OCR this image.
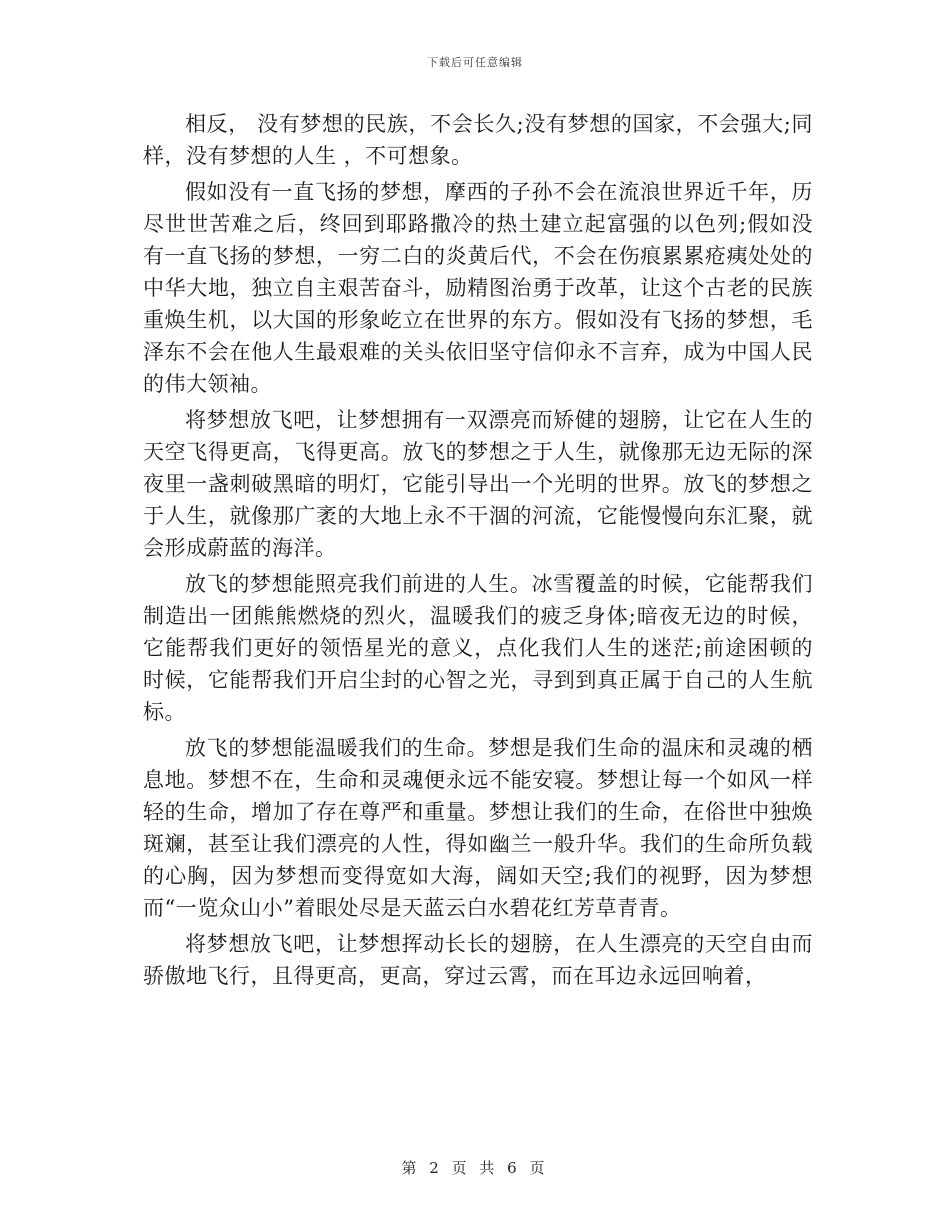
下载后可任意编辑

相反， 没有梦想的民族，不会长久;没有梦想的国家，不会强大;同样，没有梦想的人生 ，不可想象。

假如没有一直飞扬的梦想，摩西的子孙不会在流浪世界近千年，历尽世世苦难之后，终回到耶路撒冷的热土建立起富强的以色列;假如没有一直飞扬的梦想，一穷二白的炎黄后代，不会在伤痕累累疮痍处处的中华大地，独立自主艰苦奋斗，励精图治勇于改革，让这个古老的民族重焕生机，以大国的形象屹立在世界的东方。假如没有飞扬的梦想，毛泽东不会在他人生最艰难的关头依旧坚守信仰永不言弃，成为中国人民的伟大领袖。

将梦想放飞吧，让梦想拥有一双漂亮而矫健的翅膀，让它在人生的天空飞得更高，飞得更高。放飞的梦想之于人生，就像那无边无际的深夜里一盏刺破黑暗的明灯，它能引导出一个光明的世界。放飞的梦想之于人生，就像那广袤的大地上永不干涸的河流，它能慢慢向东汇聚，就会形成蔚蓝的海洋。

放飞的梦想能照亮我们前进的人生。冰雪覆盖的时候，它能帮我们制造出一团熊熊燃烧的烈火，温暖我们的疲乏身体;暗夜无边的时候，它能帮我们更好的领悟星光的意义，点化我们人生的迷茫;前途困顿的时候，它能帮我们开启尘封的心智之光，寻到到真正属于自己的人生航标。

放飞的梦想能温暖我们的生命。梦想是我们生命的温床和灵魂的栖息地。梦想不在，生命和灵魂便永远不能安寝。梦想让每一个如风一样轻的生命，增加了存在尊严和重量。梦想让我们的生命，在俗世中独焕斑斓，甚至让我们漂亮的人性，得如幽兰一般升华。我们的生命所负载的心胸，因为梦想而变得宽如大海，阔如天空;我们的视野，因为梦想而“一览众山小”着眼处尽是天蓝云白水碧花红芳草青青。

将梦想放飞吧，让梦想挥动长长的翅膀，在人生漂亮的天空自由而骄傲地飞行，且得更高，更高，穿过云霄，而在耳边永远回响着，

第 2 页 共 6 页
